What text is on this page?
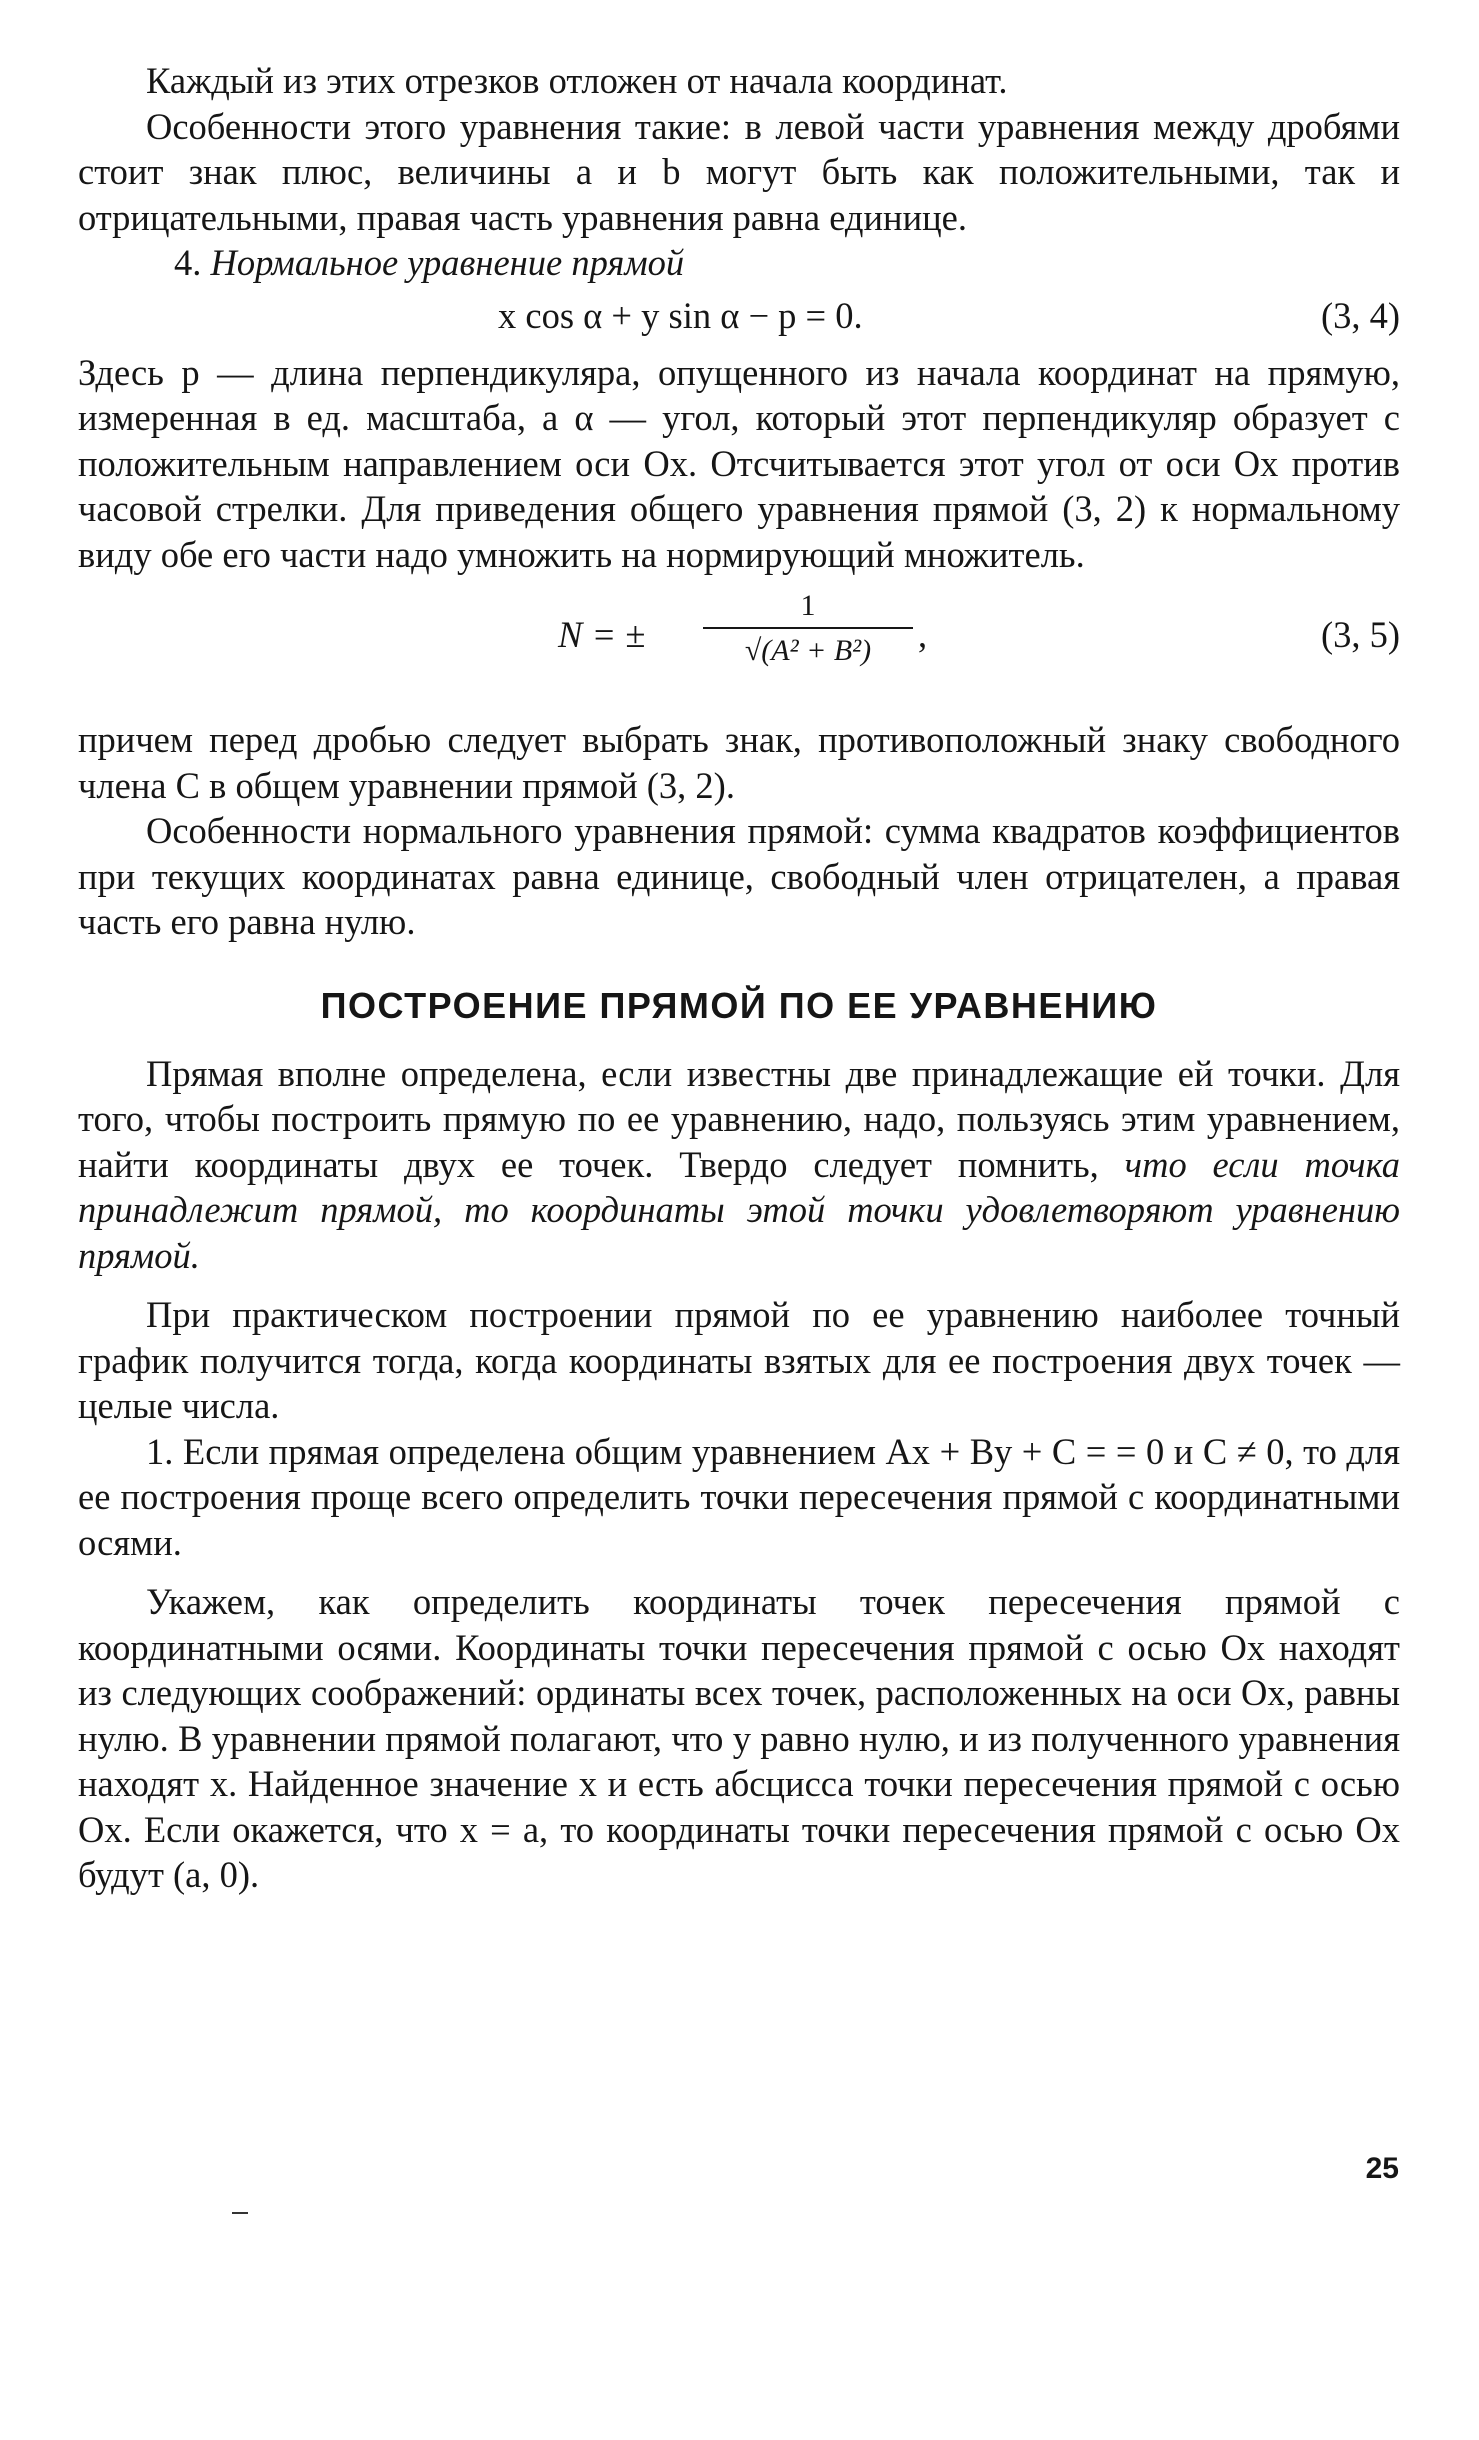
Каждый из этих отрезков отложен от начала координат.

Особенности этого уравнения такие: в левой части уравнения между дробями стоит знак плюс, величины a и b могут быть как положительными, так и отрицательными, правая часть уравнения равна единице.

4. Нормальное уравнение прямой

x cos α + y sin α − p = 0.	(3, 4)

Здесь p — длина перпендикуляра, опущенного из начала координат на прямую, измеренная в ед. масштаба, а α — угол, который этот перпендикуляр образует с положительным направлением оси Ox. Отсчитывается этот угол от оси Ox против часовой стрелки. Для приведения общего уравнения прямой (3, 2) к нормальному виду обе его части надо умножить на нормирующий множитель.

N = ±
1
√(A² + B²)	,	(3, 5)

причем перед дробью следует выбрать знак, противоположный знаку свободного члена C в общем уравнении прямой (3, 2).

Особенности нормального уравнения прямой: сумма квадратов коэффициентов при текущих координатах равна единице, свободный член отрицателен, а правая часть его равна нулю.

ПОСТРОЕНИЕ ПРЯМОЙ ПО ЕЕ УРАВНЕНИЮ

Прямая вполне определена, если известны две принадлежащие ей точки. Для того, чтобы построить прямую по ее уравнению, надо, пользуясь этим уравнением, найти координаты двух ее точек. Твердо следует помнить, что если точка принадлежит прямой, то координаты этой точки удовлетворяют уравнению прямой.

При практическом построении прямой по ее уравнению наиболее точный график получится тогда, когда координаты взятых для ее построения двух точек — целые числа.

1. Если прямая определена общим уравнением Ax + By + C = = 0 и C ≠ 0, то для ее построения проще всего определить точки пересечения прямой с координатными осями.

Укажем, как определить координаты точек пересечения прямой с координатными осями. Координаты точки пересечения прямой с осью Ox находят из следующих соображений: ординаты всех точек, расположенных на оси Ox, равны нулю. В уравнении прямой полагают, что y равно нулю, и из полученного уравнения находят x. Найденное значение x и есть абсцисса точки пересечения прямой с осью Ox. Если окажется, что x = a, то координаты точки пересечения прямой с осью Ox будут (a, 0).

25
